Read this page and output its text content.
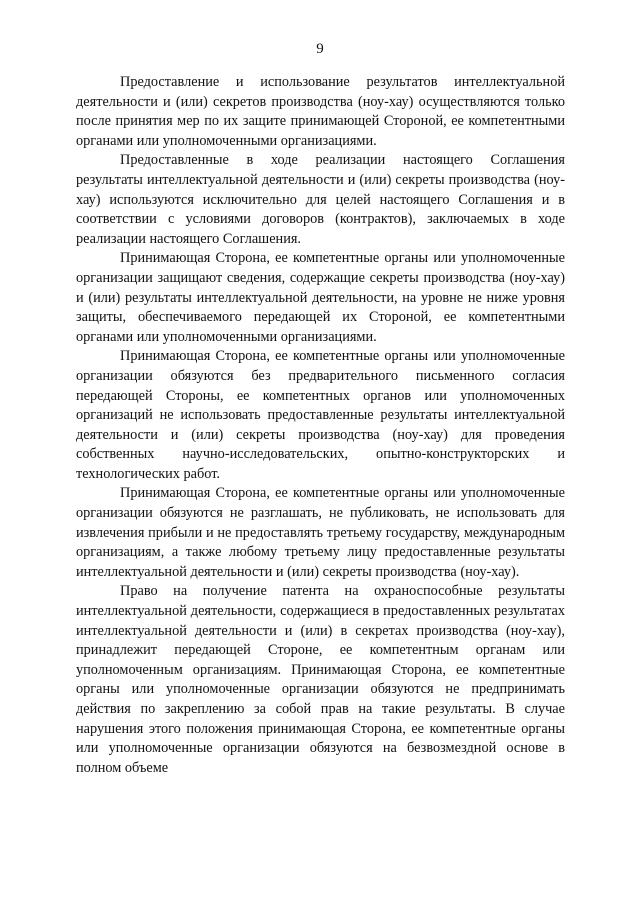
9

Предоставление и использование результатов интеллектуальной деятельности и (или) секретов производства (ноу-хау) осуществляются только после принятия мер по их защите принимающей Стороной, ее компетентными органами или уполномоченными организациями.

Предоставленные в ходе реализации настоящего Соглашения результаты интеллектуальной деятельности и (или) секреты производства (ноу-хау) используются исключительно для целей настоящего Соглашения и в соответствии с условиями договоров (контрактов), заключаемых в ходе реализации настоящего Соглашения.

Принимающая Сторона, ее компетентные органы или уполномоченные организации защищают сведения, содержащие секреты производства (ноу-хау) и (или) результаты интеллектуальной деятельности, на уровне не ниже уровня защиты, обеспечиваемого передающей их Стороной, ее компетентными органами или уполномоченными организациями.

Принимающая Сторона, ее компетентные органы или уполномоченные организации обязуются без предварительного письменного согласия передающей Стороны, ее компетентных органов или уполномоченных организаций не использовать предоставленные результаты интеллектуальной деятельности и (или) секреты производства (ноу-хау) для проведения собственных научно-исследовательских, опытно-конструкторских и технологических работ.

Принимающая Сторона, ее компетентные органы или уполномоченные организации обязуются не разглашать, не публиковать, не использовать для извлечения прибыли и не предоставлять третьему государству, международным организациям, а также любому третьему лицу предоставленные результаты интеллектуальной деятельности и (или) секреты производства (ноу-хау).

Право на получение патента на охраноспособные результаты интеллектуальной деятельности, содержащиеся в предоставленных результатах интеллектуальной деятельности и (или) в секретах производства (ноу-хау), принадлежит передающей Стороне, ее компетентным органам или уполномоченным организациям. Принимающая Сторона, ее компетентные органы или уполномоченные организации обязуются не предпринимать действия по закреплению за собой прав на такие результаты. В случае нарушения этого положения принимающая Сторона, ее компетентные органы или уполномоченные организации обязуются на безвозмездной основе в полном объеме
